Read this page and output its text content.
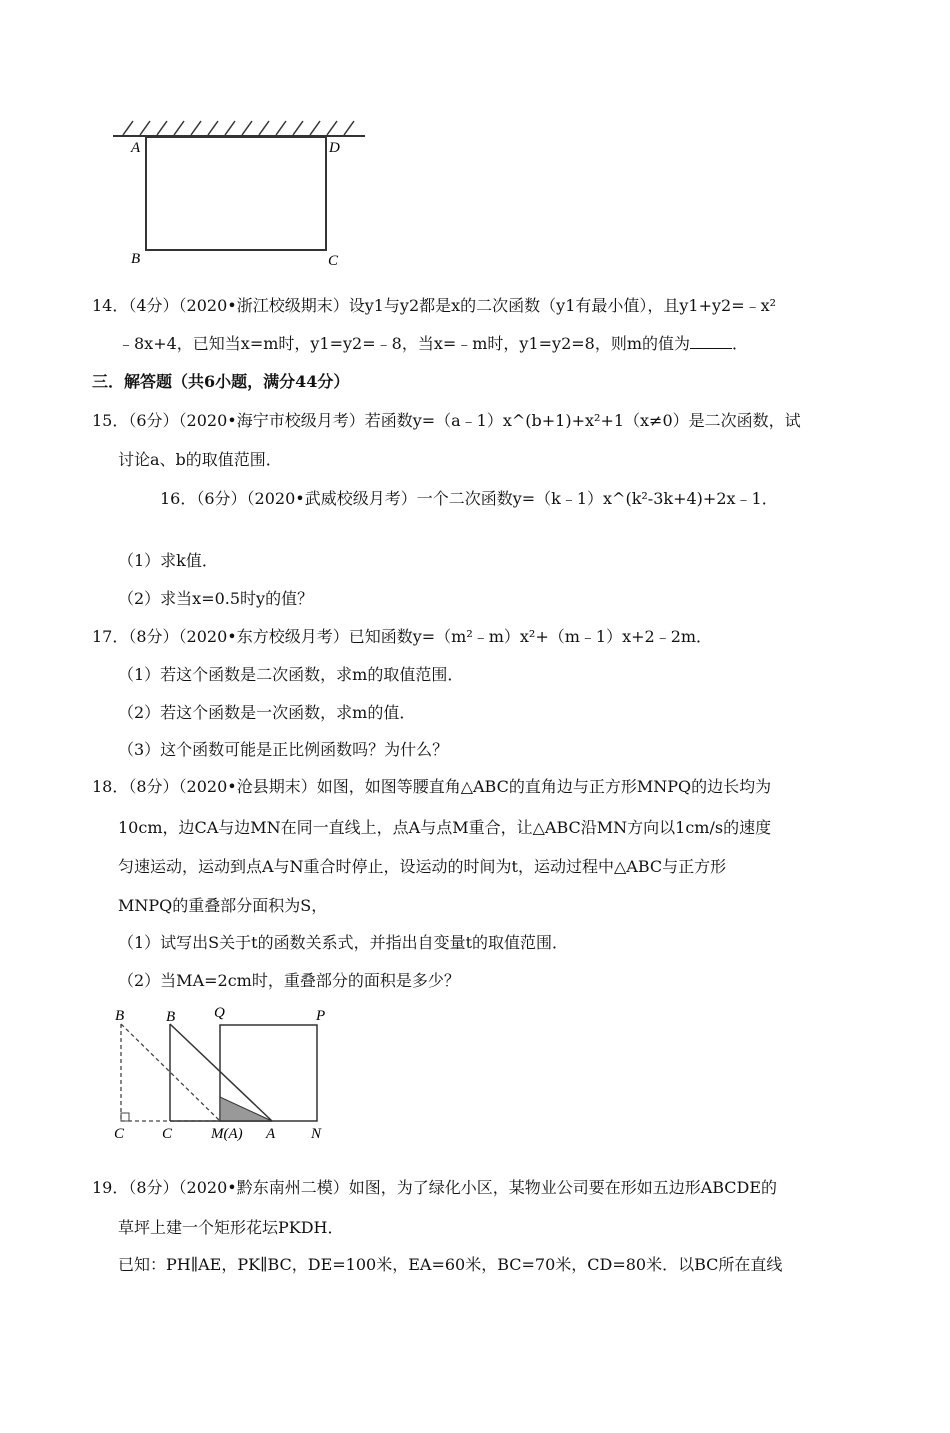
A	D
B	C
14．（4分）（2020•浙江校级期末）设y1与y2都是x的二次函数（y1有最小值），且y1+y2=﹣x²
﹣8x+4，已知当x=m时，y1=y2=﹣8，当x=﹣m时，y1=y2=8，则m的值为	．
三．解答题（共6小题，满分44分）
15．（6分）（2020•海宁市校级月考）若函数y=（a﹣1）x^(b+1)+x²+1（x≠0）是二次函数，试
讨论a、b的取值范围．
16．（6分）（2020•武威校级月考）一个二次函数y=（k﹣1）x^(k²-3k+4)+2x﹣1．
（1）求k值．
（2）求当x=0.5时y的值？
17．（8分）（2020•东方校级月考）已知函数y=（m²﹣m）x²+（m﹣1）x+2﹣2m．
（1）若这个函数是二次函数，求m的取值范围．
（2）若这个函数是一次函数，求m的值．
（3）这个函数可能是正比例函数吗？为什么？
18．（8分）（2020•沧县期末）如图，如图等腰直角△ABC的直角边与正方形MNPQ的边长均为
10cm，边CA与边MN在同一直线上，点A与点M重合，让△ABC沿MN方向以1cm/s的速度
匀速运动，运动到点A与N重合时停止，设运动的时间为t，运动过程中△ABC与正方形
MNPQ的重叠部分面积为S，
（1）试写出S关于t的函数关系式，并指出自变量t的取值范围．
（2）当MA=2cm时，重叠部分的面积是多少？
B	B	Q	P
C	C	M(A) A N
19．（8分）（2020•黔东南州二模）如图，为了绿化小区，某物业公司要在形如五边形ABCDE的
草坪上建一个矩形花坛PKDH．
已知：PH∥AE，PK∥BC，DE=100米，EA=60米，BC=70米，CD=80米．以BC所在直线
